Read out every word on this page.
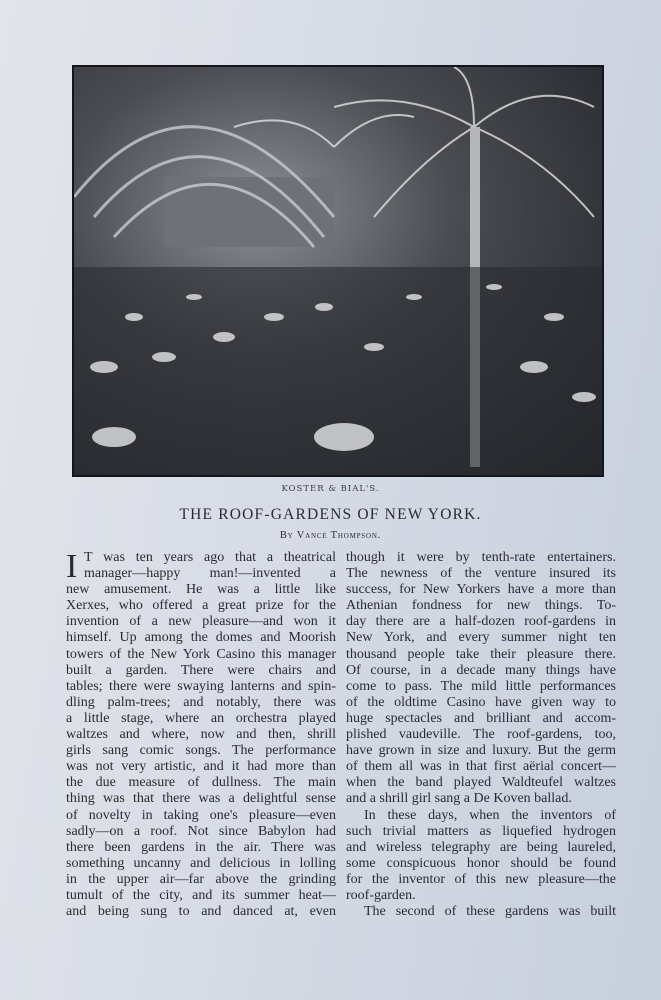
KOSTER & BIAL'S.
THE ROOF-GARDENS OF NEW YORK.
By Vance Thompson.
I T was ten years ago that a theatrical
manager—happy man!—invented a
new amusement. He was a little like
Xerxes, who offered a great prize for the
invention of a new pleasure—and won it
himself. Up among the domes and Moorish
towers of the New York Casino this manager
built a garden. There were chairs and
tables; there were swaying lanterns and spin-
dling palm-trees; and notably, there was
a little stage, where an orchestra played
waltzes and where, now and then, shrill
girls sang comic songs. The performance
was not very artistic, and it had more than
the due measure of dullness. The main
thing was that there was a delightful sense
of novelty in taking one's pleasure—even
sadly—on a roof. Not since Babylon had
there been gardens in the air. There was
something uncanny and delicious in lolling
in the upper air—far above the grinding
tumult of the city, and its summer heat—
and being sung to and danced at, even
though it were by tenth-rate entertainers.
The newness of the venture insured its
success, for New Yorkers have a more than
Athenian fondness for new things. To-
day there are a half-dozen roof-gardens in
New York, and every summer night ten
thousand people take their pleasure there.
Of course, in a decade many things have
come to pass. The mild little performances
of the oldtime Casino have given way to
huge spectacles and brilliant and accom-
plished vaudeville. The roof-gardens, too,
have grown in size and luxury. But the germ
of them all was in that first aërial concert—
when the band played Waldteufel waltzes
and a shrill girl sang a De Koven ballad.
In these days, when the inventors of
such trivial matters as liquefied hydrogen
and wireless telegraphy are being laureled,
some conspicuous honor should be found
for the inventor of this new pleasure—the
roof-garden.
The second of these gardens was built
